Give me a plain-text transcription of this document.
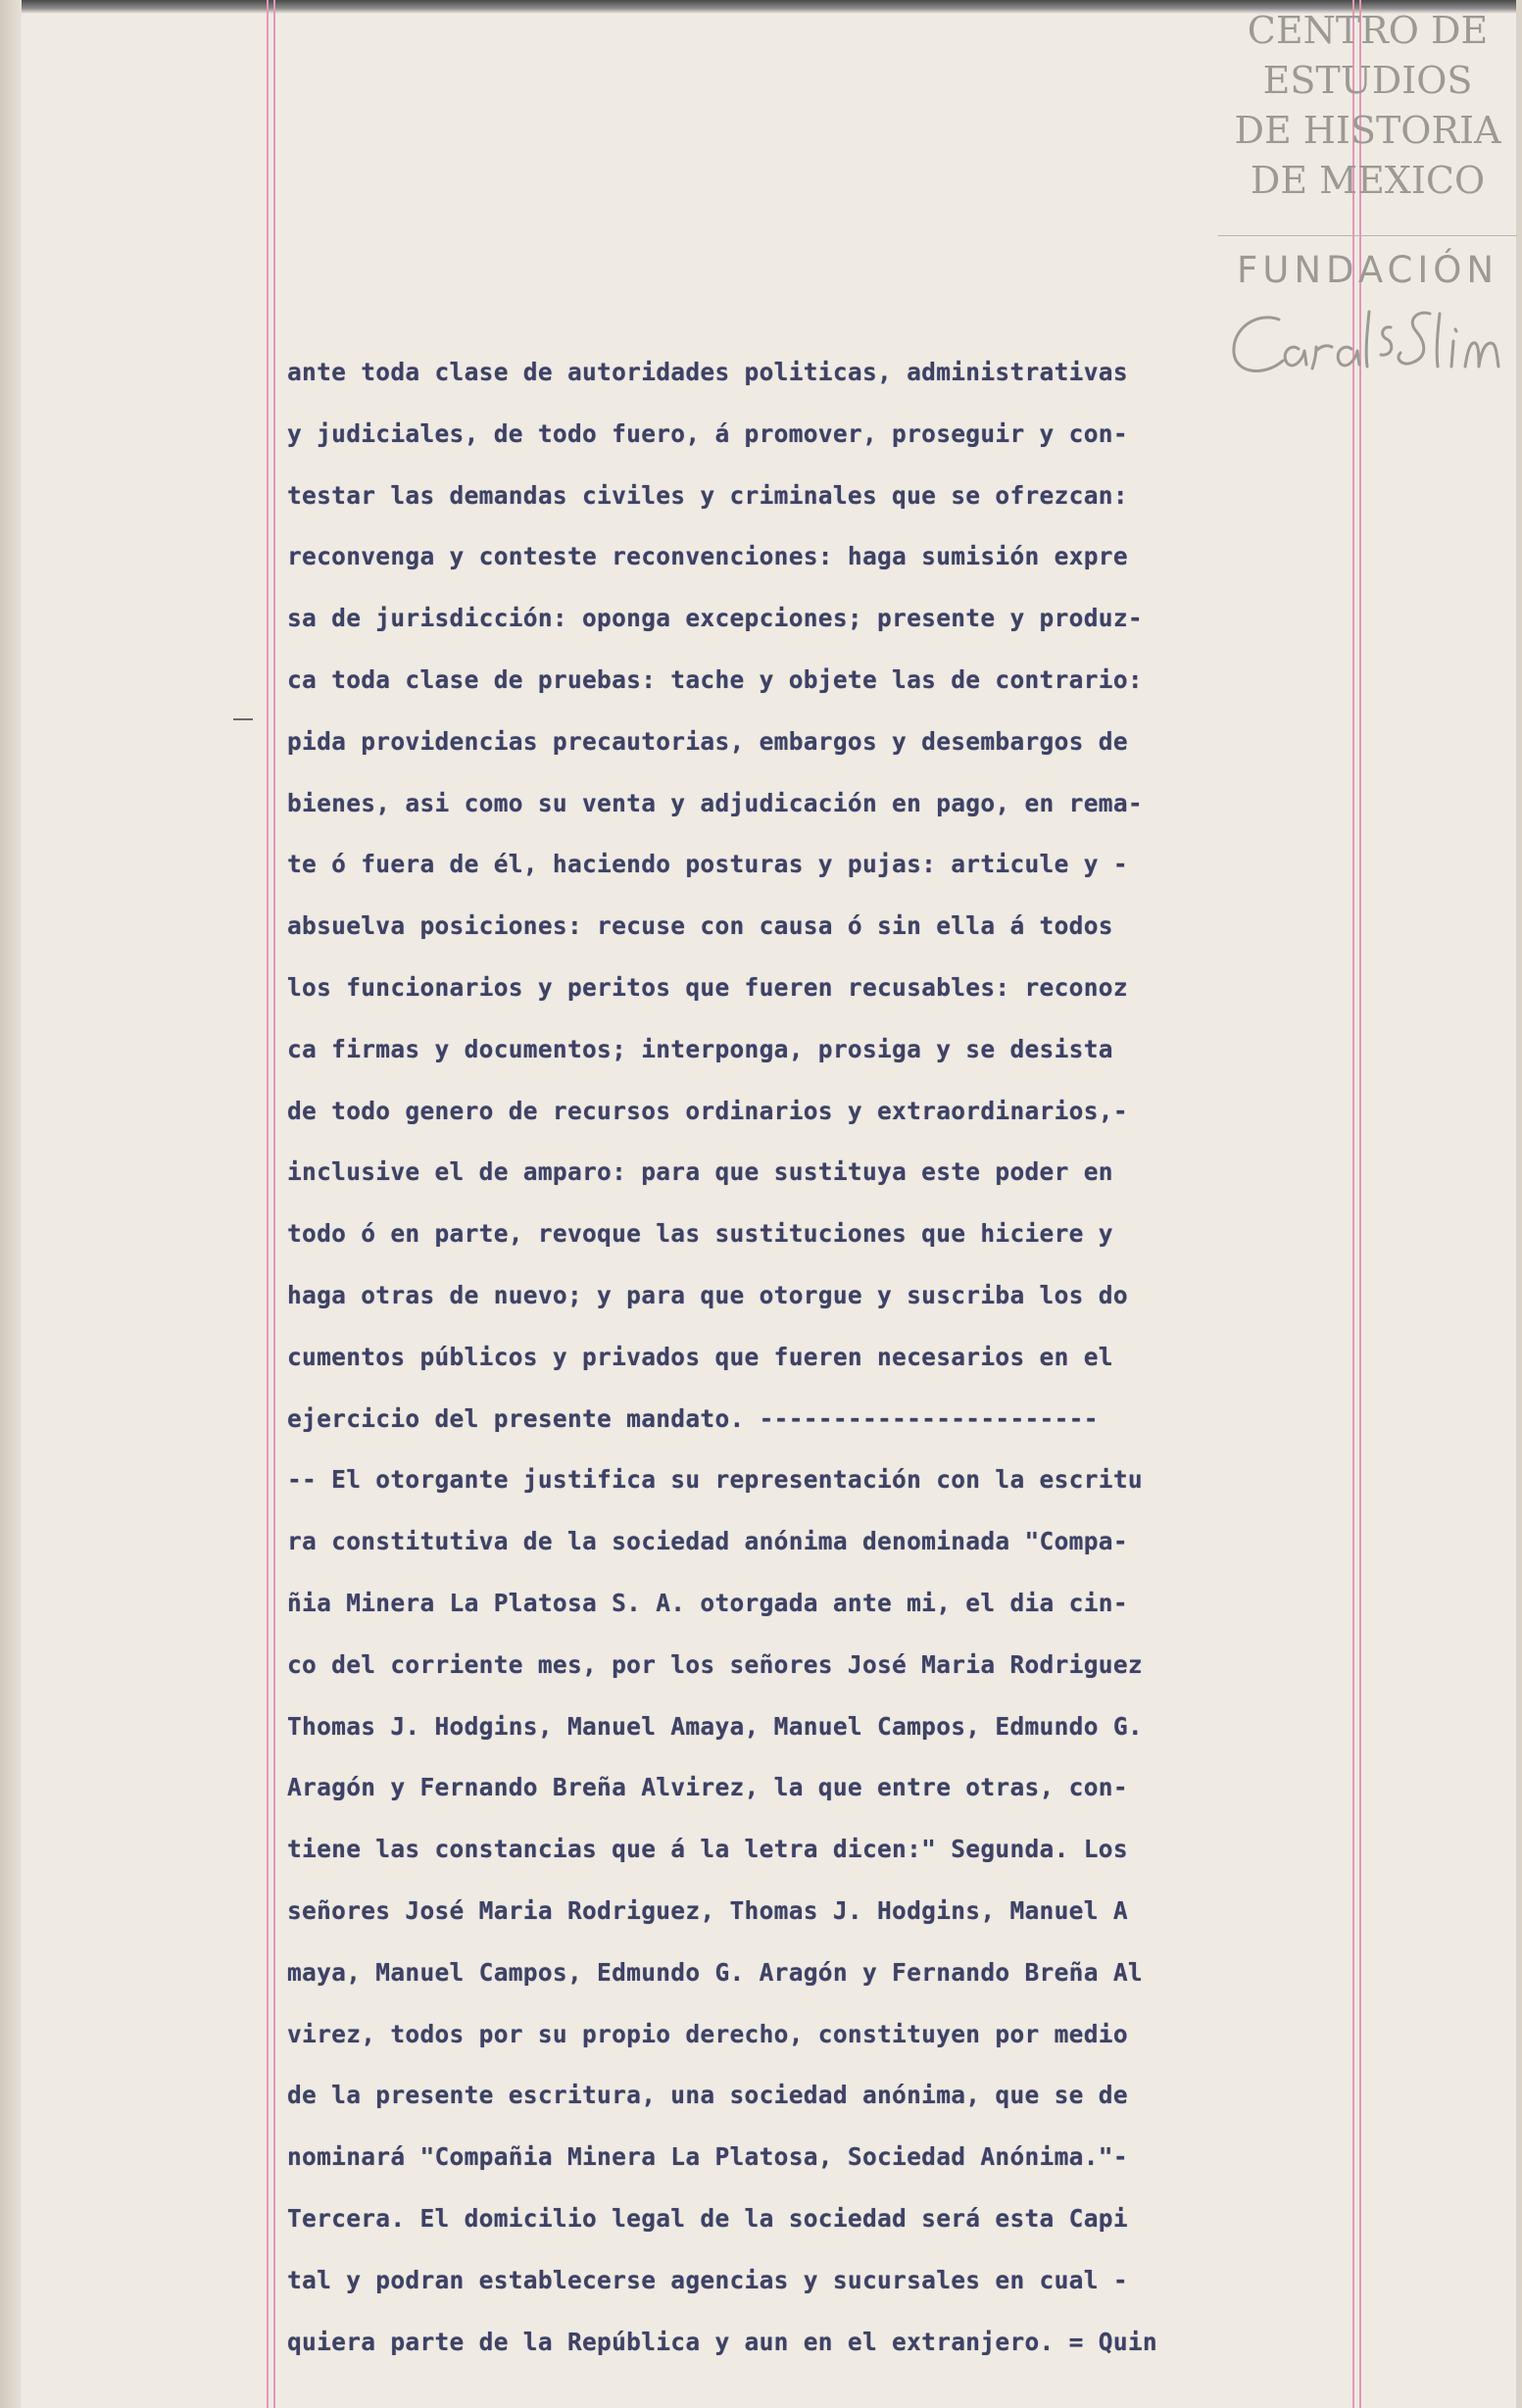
CENTRO DE
ESTUDIOS
DE HISTORIA
DE MEXICO
FUNDACIÓN
ante toda clase de autoridades politicas, administrativas
y judiciales, de todo fuero, á promover, proseguir y con-
testar las demandas civiles y criminales que se ofrezcan:
reconvenga y conteste reconvenciones: haga sumisión expre
sa de jurisdicción: oponga excepciones; presente y produz-
ca toda clase de pruebas: tache y objete las de contrario:
pida providencias precautorias, embargos y desembargos de
bienes, asi como su venta y adjudicación en pago, en rema-
te ó fuera de él, haciendo posturas y pujas: articule y -
absuelva posiciones: recuse con causa ó sin ella á todos
los funcionarios y peritos que fueren recusables: reconoz
ca firmas y documentos; interponga, prosiga y se desista
de todo genero de recursos ordinarios y extraordinarios,-
inclusive el de amparo: para que sustituya este poder en
todo ó en parte, revoque las sustituciones que hiciere y
haga otras de nuevo; y para que otorgue y suscriba los do
cumentos públicos y privados que fueren necesarios en el
ejercicio del presente mandato. -----------------------
-- El otorgante justifica su representación con la escritu
ra constitutiva de la sociedad anónima denominada "Compa-
ñia Minera La Platosa S. A. otorgada ante mi, el dia cin-
co del corriente mes, por los señores José Maria Rodriguez
Thomas J. Hodgins, Manuel Amaya, Manuel Campos, Edmundo G.
Aragón y Fernando Breña Alvirez, la que entre otras, con-
tiene las constancias que á la letra dicen:" Segunda. Los
señores José Maria Rodriguez, Thomas J. Hodgins, Manuel A
maya, Manuel Campos, Edmundo G. Aragón y Fernando Breña Al
virez, todos por su propio derecho, constituyen por medio
de la presente escritura, una sociedad anónima, que se de
nominará "Compañia Minera La Platosa, Sociedad Anónima."-
Tercera. El domicilio legal de la sociedad será esta Capi
tal y podran establecerse agencias y sucursales en cual -
quiera parte de la República y aun en el extranjero. = Quin
